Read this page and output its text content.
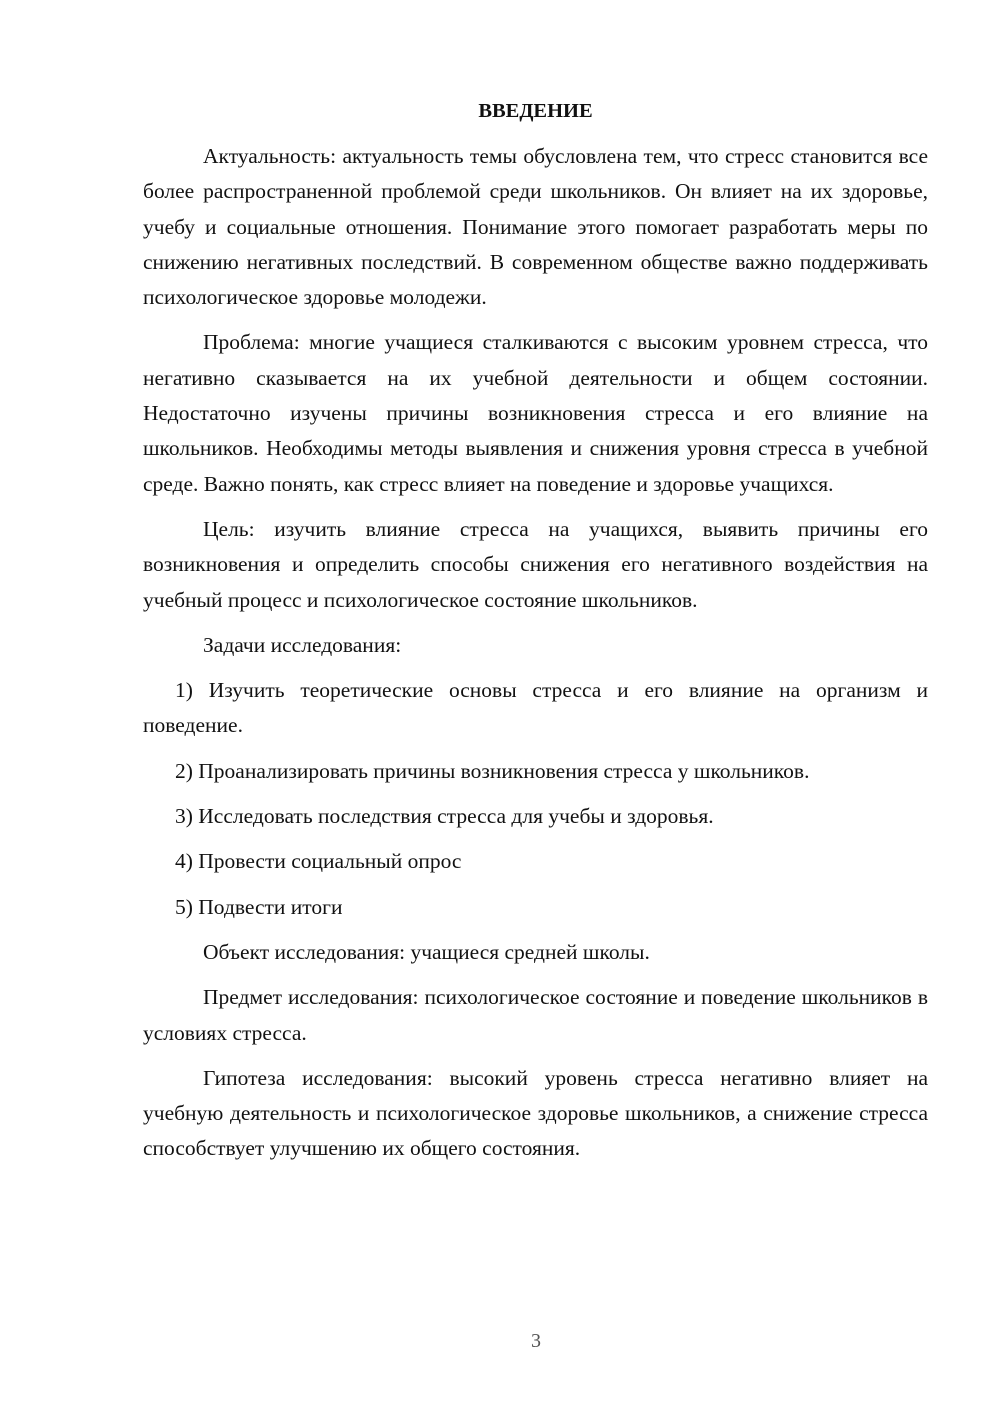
ВВЕДЕНИЕ

Актуальность: актуальность темы обусловлена тем, что стресс становится все более распространенной проблемой среди школьников. Он влияет на их здоровье, учебу и социальные отношения. Понимание этого помогает разработать меры по снижению негативных последствий. В современном обществе важно поддерживать психологическое здоровье молодежи.

Проблема: многие учащиеся сталкиваются с высоким уровнем стресса, что негативно сказывается на их учебной деятельности и общем состоянии. Недостаточно изучены причины возникновения стресса и его влияние на школьников. Необходимы методы выявления и снижения уровня стресса в учебной среде. Важно понять, как стресс влияет на поведение и здоровье учащихся.

Цель: изучить влияние стресса на учащихся, выявить причины его возникновения и определить способы снижения его негативного воздействия на учебный процесс и психологическое состояние школьников.

Задачи исследования:

1) Изучить теоретические основы стресса и его влияние на организм и поведение.

2) Проанализировать причины возникновения стресса у школьников.

3) Исследовать последствия стресса для учебы и здоровья.

4) Провести социальный опрос

5) Подвести итоги

Объект исследования: учащиеся средней школы.

Предмет исследования: психологическое состояние и поведение школьников в условиях стресса.

Гипотеза исследования: высокий уровень стресса негативно влияет на учебную деятельность и психологическое здоровье школьников, а снижение стресса способствует улучшению их общего состояния.

3
